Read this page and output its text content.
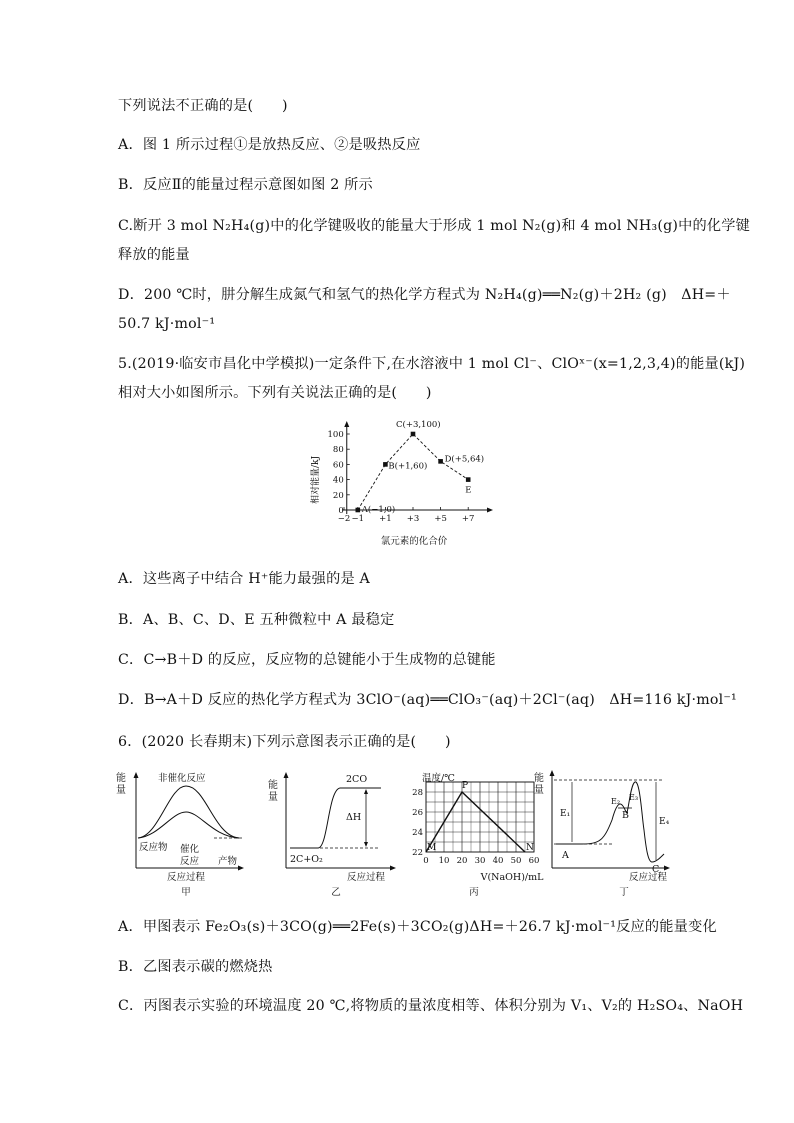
下列说法不正确的是(　　)
A．图 1 所示过程①是放热反应、②是吸热反应
B．反应Ⅱ的能量过程示意图如图 2 所示
C.断开 3 mol N₂H₄(g)中的化学键吸收的能量大于形成 1 mol N₂(g)和 4 mol NH₃(g)中的化学键
释放的能量
D．200 ℃时，肼分解生成氮气和氢气的热化学方程式为 N₂H₄(g)══N₂(g)＋2H₂ (g)　ΔH=＋
50.7 kJ·mol⁻¹
5.(2019·临安市昌化中学模拟)一定条件下,在水溶液中 1 mol Cl⁻、ClOˣ⁻(x=1,2,3,4)的能量(kJ)
相对大小如图所示。下列有关说法正确的是(　　)
−2 −1 +1 +3 +5 +7
0
20
40
60
80
100
A(−1,0)
B(+1,60)
C(+3,100)
D(+5,64)
E
氯元素的化合价
相对能量/kJ
A．这些离子中结合 H⁺能力最强的是 A
B．A、B、C、D、E 五种微粒中 A 最稳定
C．C→B＋D 的反应，反应物的总键能小于生成物的总键能
D．B→A＋D 反应的热化学方程式为 3ClO⁻(aq)══ClO₃⁻(aq)＋2Cl⁻(aq)　ΔH=116 kJ·mol⁻¹
6．(2020 长春期末)下列示意图表示正确的是(　　)
能
量
非催化反应
催化
反应
反应物
产物
反应过程
甲
能
量
2CO
ΔH
2C+O₂
反应过程
乙
温度/℃
0 10 20 30 40 50 60
22
24
26
28
M
P
N
V(NaOH)/mL
丙
能
量
A
B
C
E₁
E₂ E₃
E₄
反应过程
丁
A．甲图表示 Fe₂O₃(s)＋3CO(g)══2Fe(s)＋3CO₂(g)ΔH=＋26.7 kJ·mol⁻¹反应的能量变化
B．乙图表示碳的燃烧热
C．丙图表示实验的环境温度 20 ℃,将物质的量浓度相等、体积分别为 V₁、V₂的 H₂SO₄、NaOH
